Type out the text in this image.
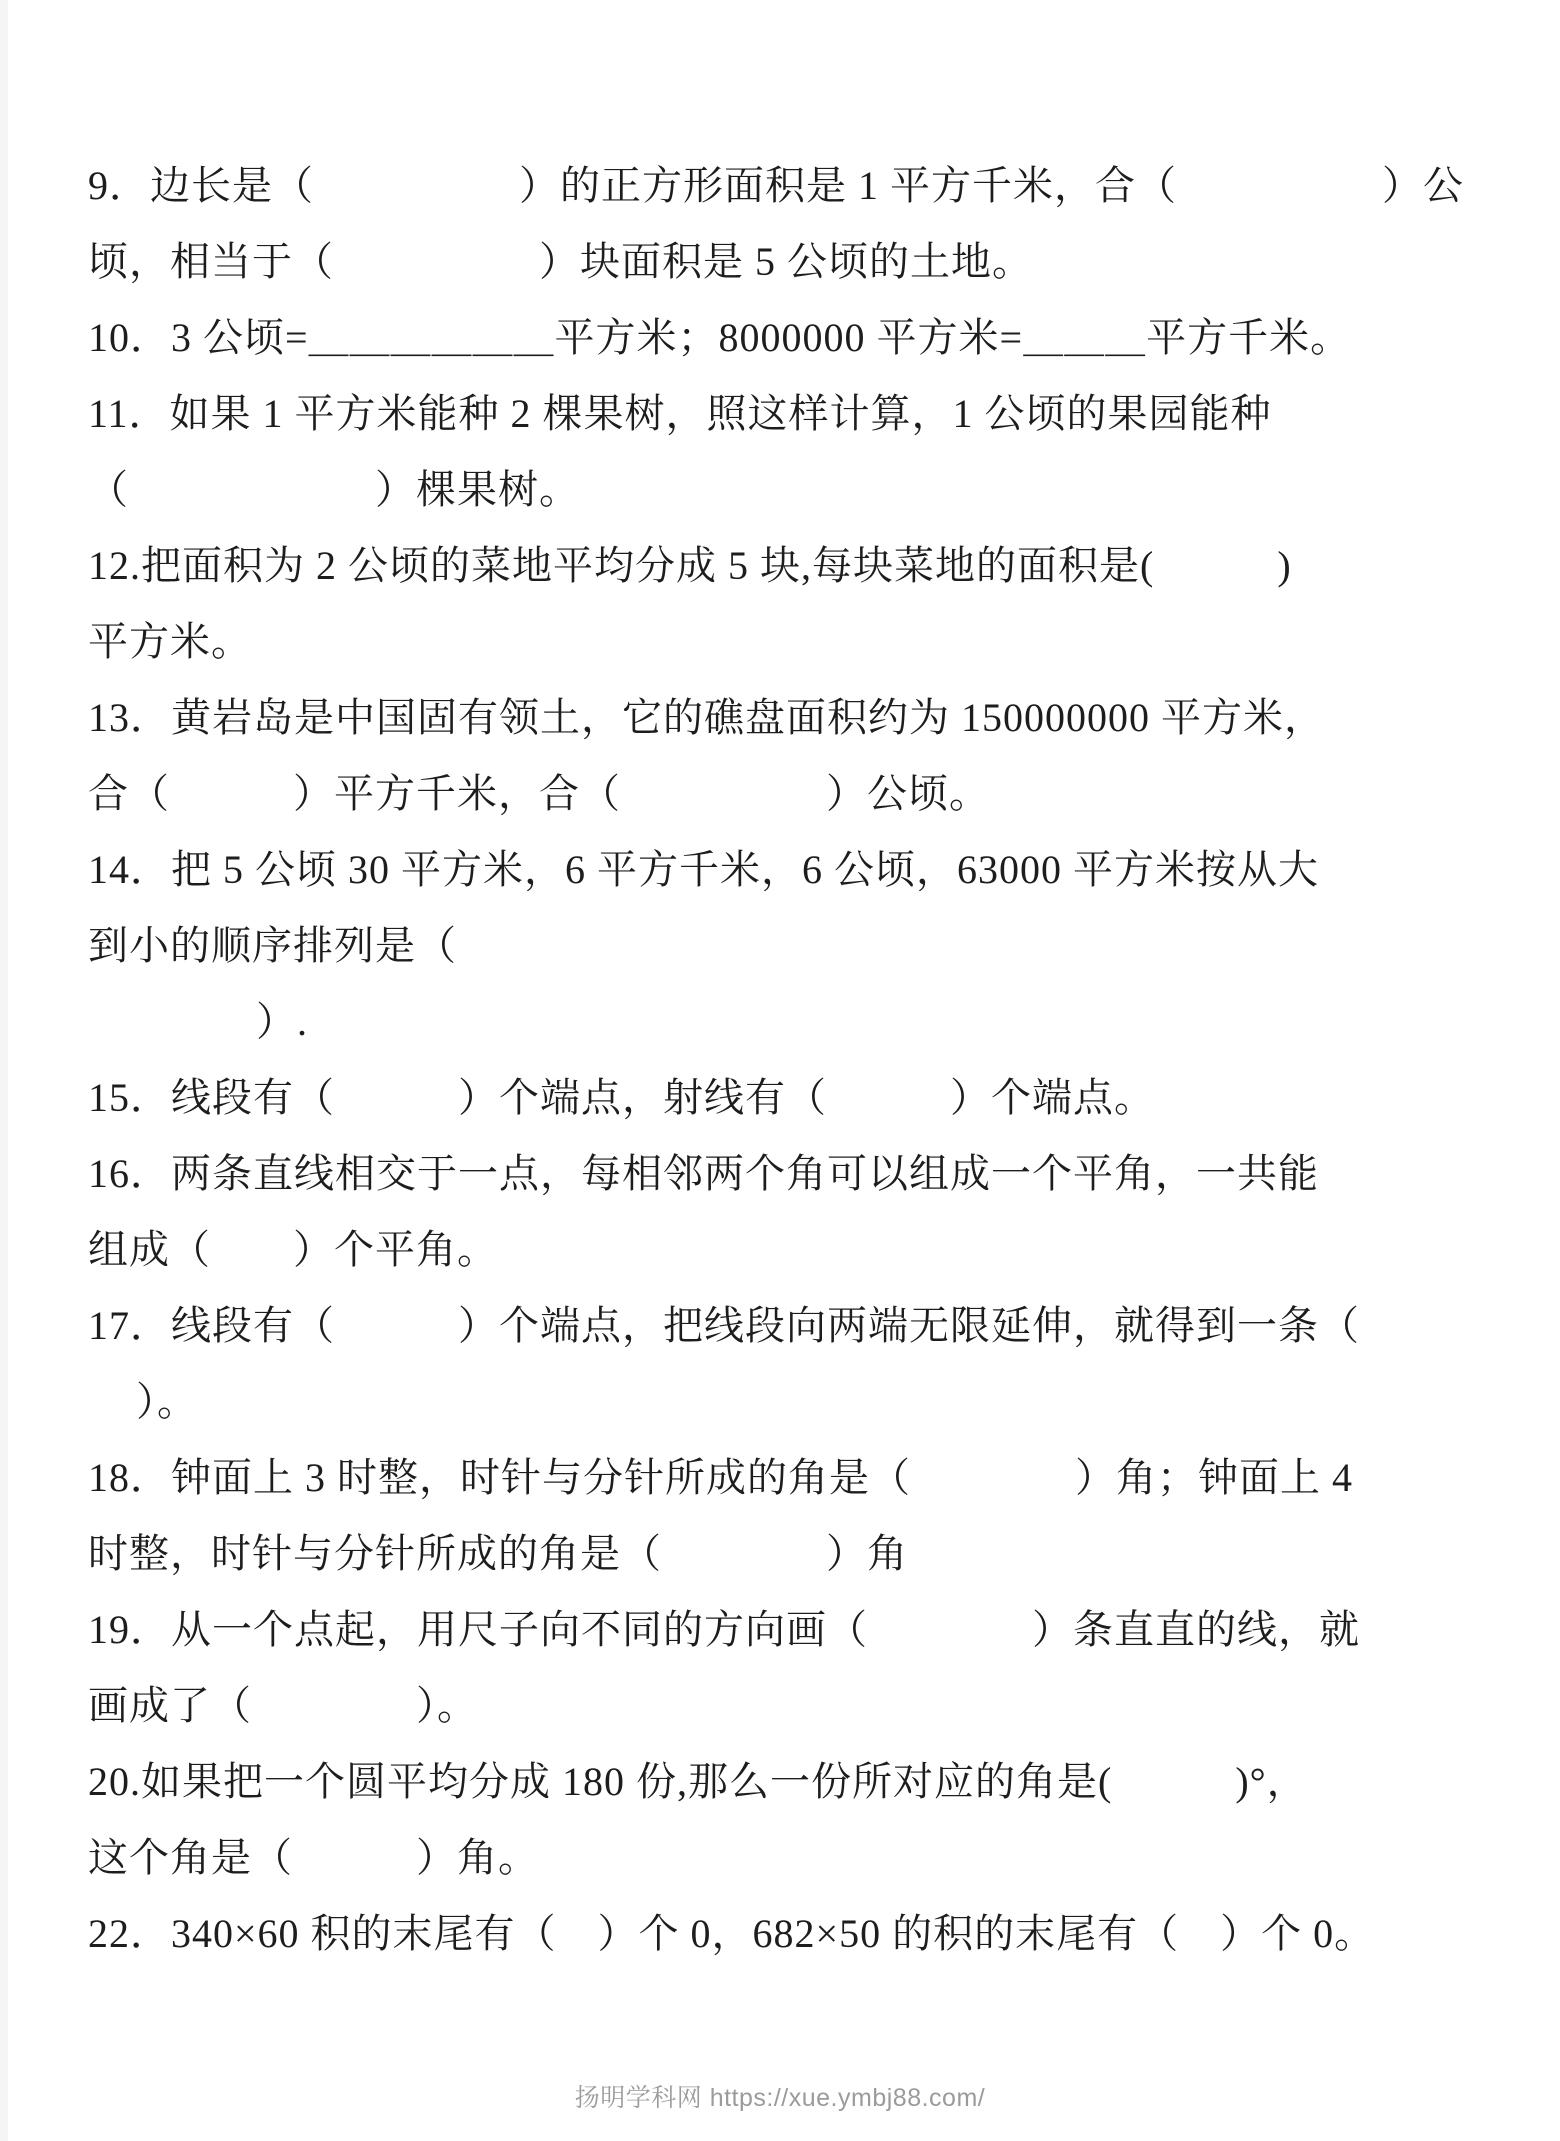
9．边长是（　　　　　）的正方形面积是 1 平方千米，合（　　　　　）公
顷，相当于（　　　　　）块面积是 5 公顷的土地。
10．3 公顷=＿＿＿＿＿＿平方米；8000000 平方米=＿＿＿平方千米。
11．如果 1 平方米能种 2 棵果树，照这样计算，1 公顷的果园能种
（　　　　　　）棵果树。
12.把面积为 2 公顷的菜地平均分成 5 块,每块菜地的面积是(　　　)
平方米。
13．黄岩岛是中国固有领土，它的礁盘面积约为 150000000 平方米，
合（　　　）平方千米，合（　　　　　）公顷。
14．把 5 公顷 30 平方米，6 平方千米，6 公顷，63000 平方米按从大
到小的顺序排列是（
）.
15．线段有（　　　）个端点，射线有（　　　）个端点。
16．两条直线相交于一点，每相邻两个角可以组成一个平角，一共能
组成（　　）个平角。
17．线段有（　　　）个端点，把线段向两端无限延伸，就得到一条（
）。
18．钟面上 3 时整，时针与分针所成的角是（　　　　）角；钟面上 4
时整，时针与分针所成的角是（　　　　）角
19．从一个点起，用尺子向不同的方向画（　　　　）条直直的线，就
画成了（　　　　）。
20.如果把一个圆平均分成 180 份,那么一份所对应的角是(　　　)°，
这个角是（　　　）角。
22．340×60 积的末尾有（　）个 0，682×50 的积的末尾有（　）个 0。
扬明学科网 https://xue.ymbj88.com/
